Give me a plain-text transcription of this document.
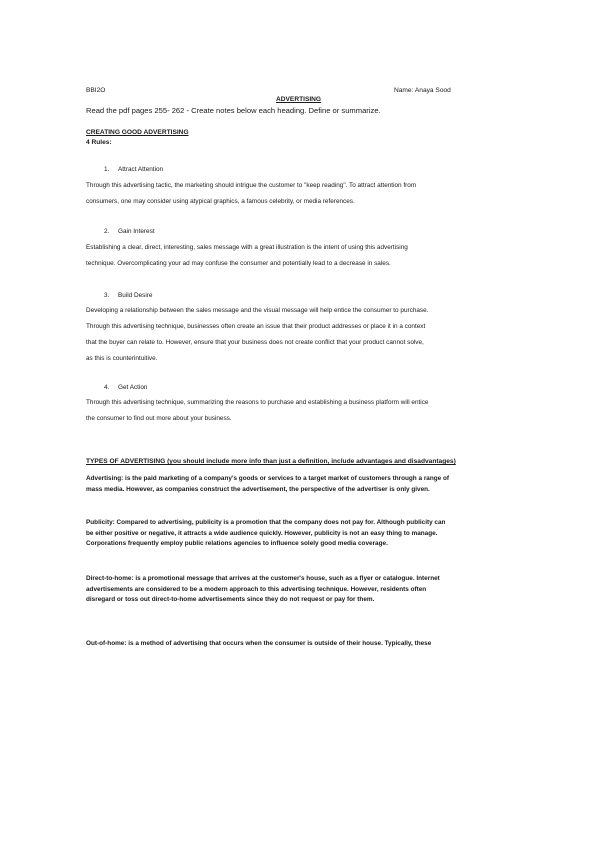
BBI2O	Name: Anaya Sood
ADVERTISING
Read the pdf pages 255- 262 - Create notes below each heading. Define or summarize.
CREATING GOOD ADVERTISING
4 Rules:
1. Attract Attention
Through this advertising tactic, the marketing should intrigue the customer to "keep reading". To attract attention from
consumers, one may consider using atypical graphics, a famous celebrity, or media references.
2. Gain Interest
Establishing a clear, direct, interesting, sales message with a great illustration is the intent of using this advertising
technique. Overcomplicating your ad may confuse the consumer and potentially lead to a decrease in sales.
3. Build Desire
Developing a relationship between the sales message and the visual message will help entice the consumer to purchase.
Through this advertising technique, businesses often create an issue that their product addresses or place it in a context
that the buyer can relate to. However, ensure that your business does not create conflict that your product cannot solve,
as this is counterintuitive.
4. Get Action
Through this advertising technique, summarizing the reasons to purchase and establishing a business platform will entice
the consumer to find out more about your business.
TYPES OF ADVERTISING (you should include more info than just a definition, include advantages and disadvantages)
Advertising: is the paid marketing of a company's goods or services to a target market of customers through a range of
mass media. However, as companies construct the advertisement, the perspective of the advertiser is only given.
Publicity: Compared to advertising, publicity is a promotion that the company does not pay for. Although publicity can
be either positive or negative, it attracts a wide audience quickly. However, publicity is not an easy thing to manage.
Corporations frequently employ public relations agencies to influence solely good media coverage.
Direct-to-home: is a promotional message that arrives at the customer's house, such as a flyer or catalogue. Internet
advertisements are considered to be a modern approach to this advertising technique. However, residents often
disregard or toss out direct-to-home advertisements since they do not request or pay for them.
Out-of-home: is a method of advertising that occurs when the consumer is outside of their house. Typically, these
